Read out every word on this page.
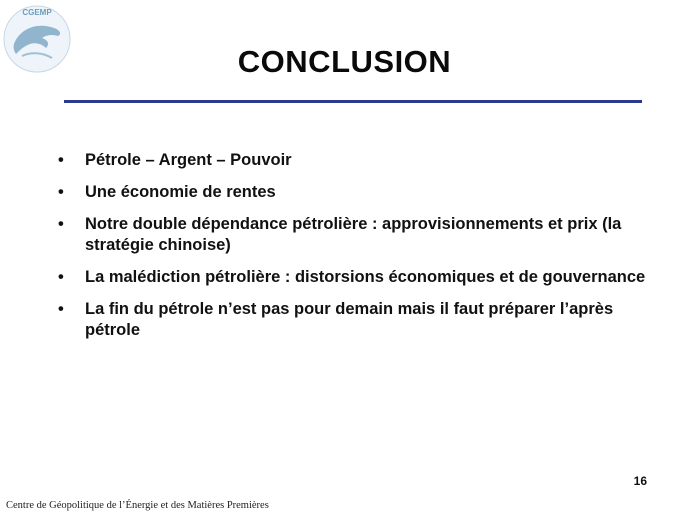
CGEMP
CONCLUSION
•	Pétrole – Argent – Pouvoir
•	Une économie de rentes
•	Notre double dépendance pétrolière : approvisionnements et prix (la stratégie chinoise)
•	La malédiction pétrolière : distorsions économiques et de gouvernance
•	La fin du pétrole n’est pas pour demain mais il faut préparer l’après pétrole
16
Centre de Géopolitique de l’Énergie et des Matières Premières
